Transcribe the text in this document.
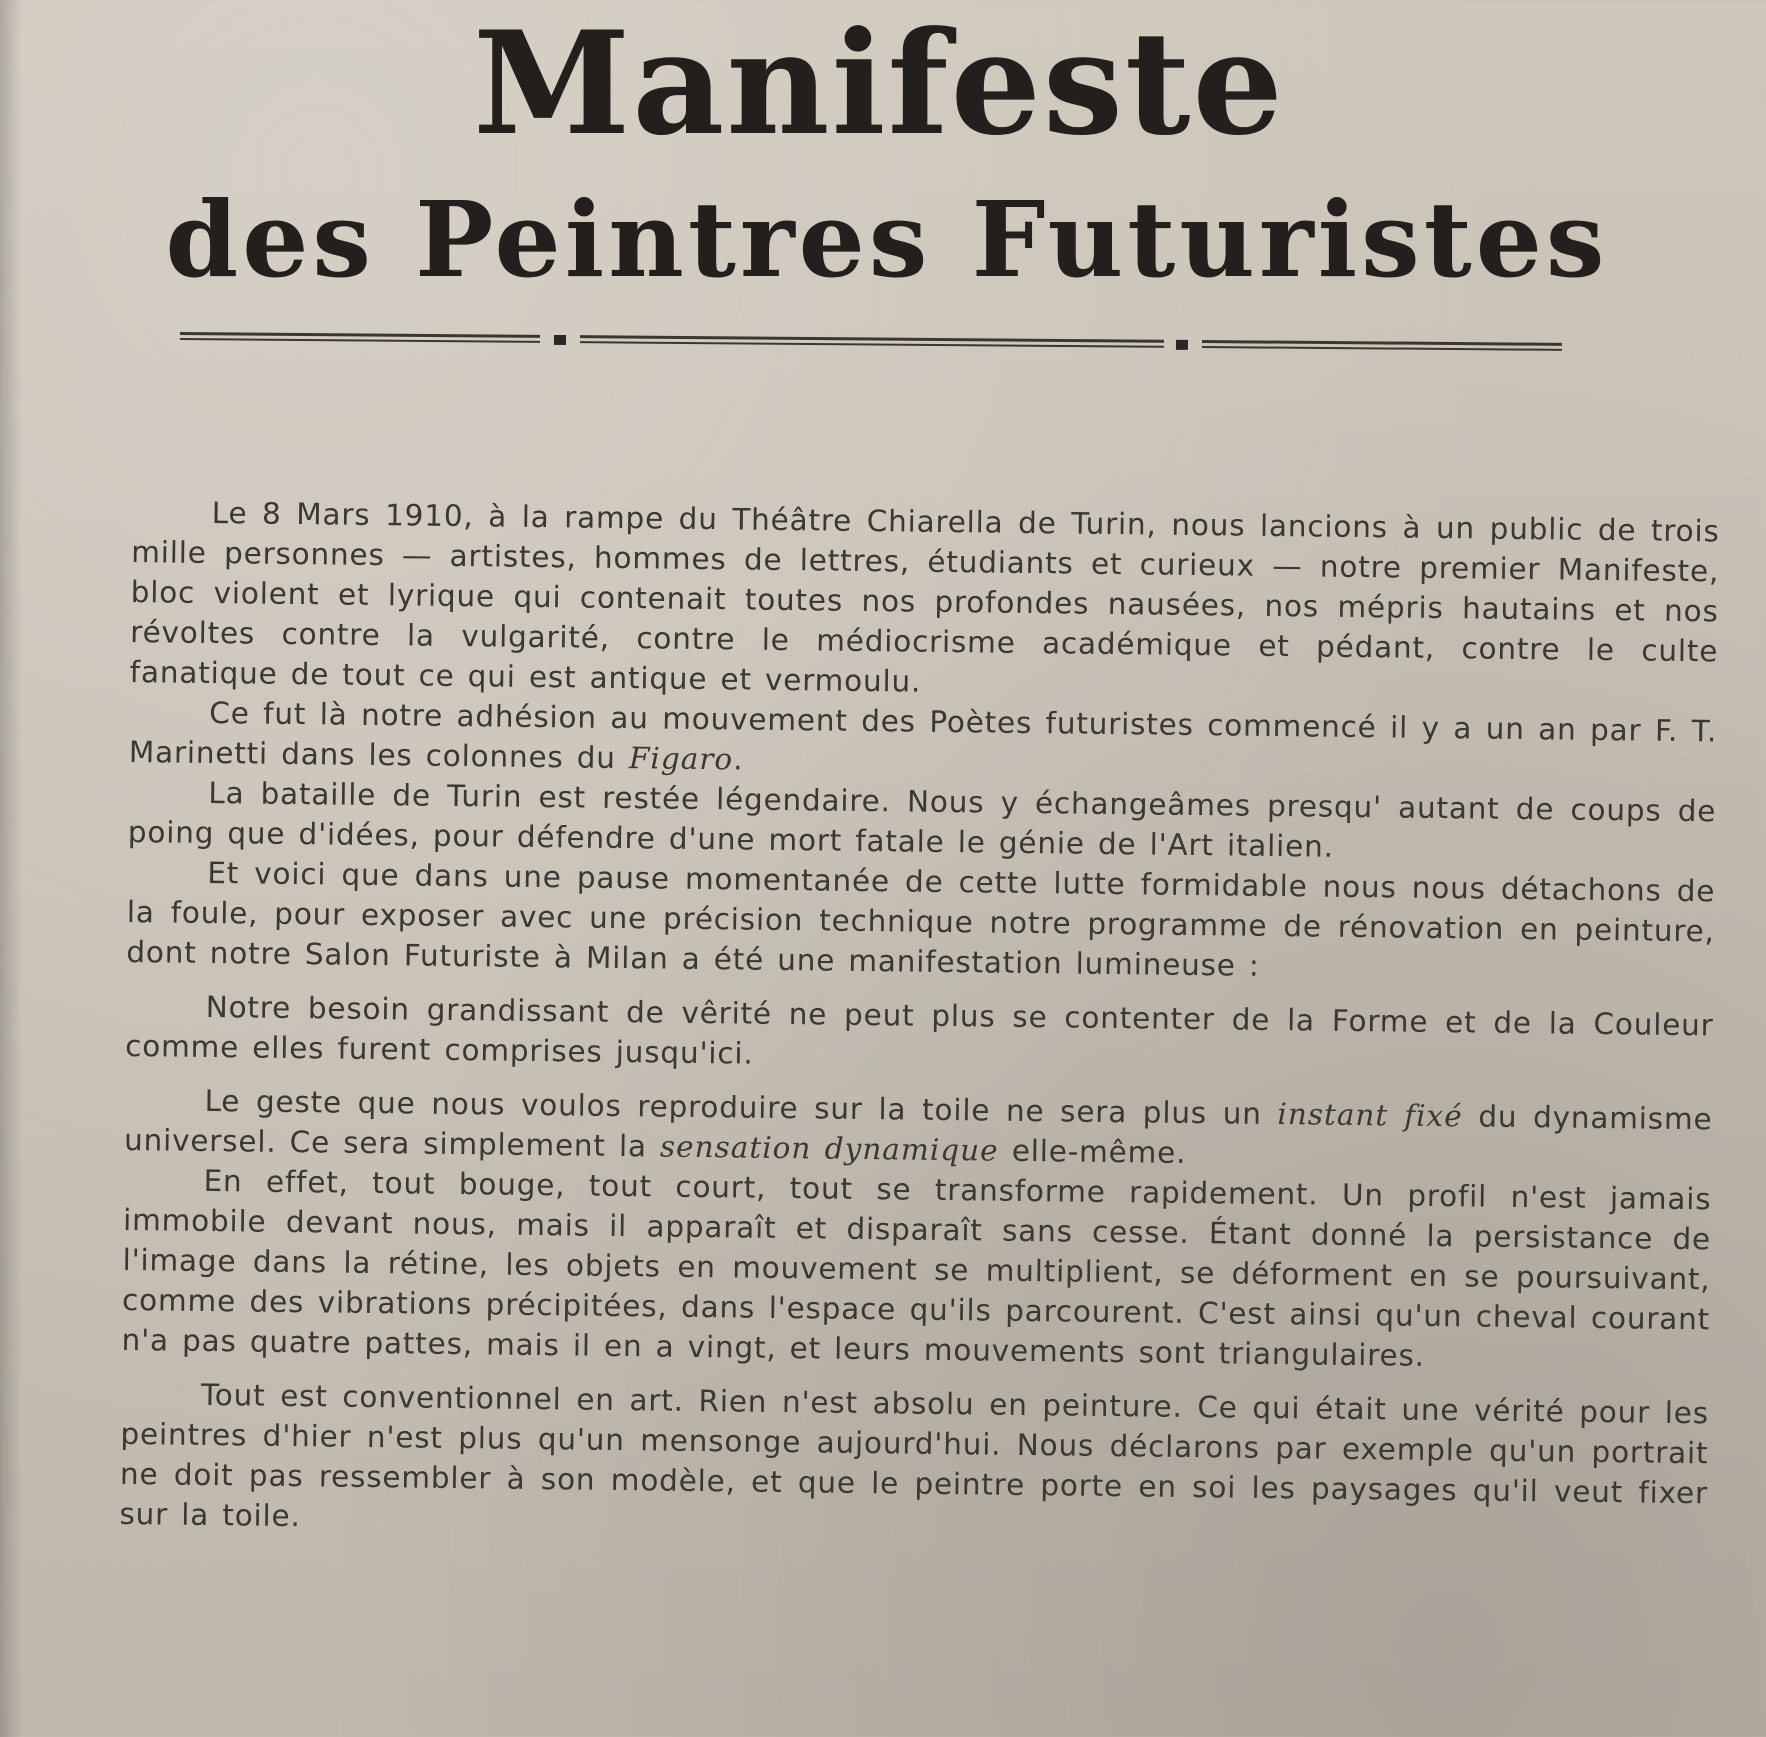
Manifeste
des Peintres Futuristes

Le 8 Mars 1910, à la rampe du Théâtre Chiarella de Turin, nous lancions à un public de trois mille personnes — artistes, hommes de lettres, étudiants et curieux — notre premier Manifeste, bloc violent et lyrique qui contenait toutes nos profondes nausées, nos mépris hautains et nos révoltes contre la vulgarité, contre le médiocrisme académique et pédant, contre le culte fanatique de tout ce qui est antique et vermoulu.

Ce fut là notre adhésion au mouvement des Poètes futuristes commencé il y a un an par F. T. Marinetti dans les colonnes du Figaro.

La bataille de Turin est restée légendaire. Nous y échangeâmes presqu' autant de coups de poing que d'idées, pour défendre d'une mort fatale le génie de l'Art italien.

Et voici que dans une pause momentanée de cette lutte formidable nous nous détachons de la foule, pour exposer avec une précision technique notre programme de rénovation en peinture, dont notre Salon Futuriste à Milan a été une manifestation lumineuse :

Notre besoin grandissant de vêrité ne peut plus se contenter de la Forme et de la Couleur comme elles furent comprises jusqu'ici.

Le geste que nous voulos reproduire sur la toile ne sera plus un instant fixé du dynamisme universel. Ce sera simplement la sensation dynamique elle-même.

En effet, tout bouge, tout court, tout se transforme rapidement. Un profil n'est jamais immobile devant nous, mais il apparaît et disparaît sans cesse. Étant donné la persistance de l'image dans la rétine, les objets en mouvement se multiplient, se déforment en se poursuivant, comme des vibrations précipitées, dans l'espace qu'ils parcourent. C'est ainsi qu'un cheval courant n'a pas quatre pattes, mais il en a vingt, et leurs mouvements sont triangulaires.

Tout est conventionnel en art. Rien n'est absolu en peinture. Ce qui était une vérité pour les peintres d'hier n'est plus qu'un mensonge aujourd'hui. Nous déclarons par exemple qu'un portrait ne doit pas ressembler à son modèle, et que le peintre porte en soi les paysages qu'il veut fixer sur la toile.
